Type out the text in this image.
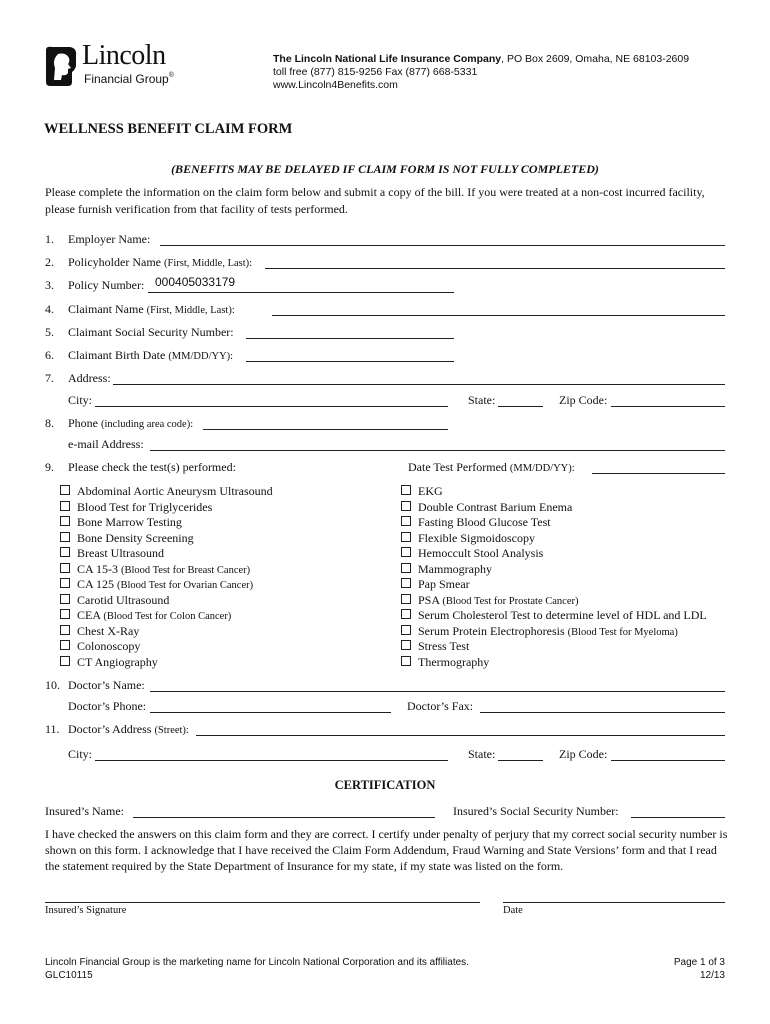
Lincoln
Financial Group®
The Lincoln National Life Insurance Company, PO Box 2609, Omaha, NE 68103-2609
toll free (877) 815-9256 Fax (877) 668-5331
www.Lincoln4Benefits.com
WELLNESS BENEFIT CLAIM FORM
(BENEFITS MAY BE DELAYED IF CLAIM FORM IS NOT FULLY COMPLETED)
Please complete the information on the claim form below and submit a copy of the bill. If you were treated at a non-cost incurred facility, please furnish verification from that facility of tests performed.
1. Employer Name:
2. Policyholder Name (First, Middle, Last):
3. Policy Number: 000405033179
4. Claimant Name (First, Middle, Last):
5. Claimant Social Security Number:
6. Claimant Birth Date (MM/DD/YY):
7. Address:
City:	State:	Zip Code:
8. Phone (including area code):
e-mail Address:
9. Please check the test(s) performed:	Date Test Performed (MM/DD/YY):
Abdominal Aortic Aneurysm Ultrasound
Blood Test for Triglycerides
Bone Marrow Testing
Bone Density Screening
Breast Ultrasound
CA 15-3 (Blood Test for Breast Cancer)
CA 125 (Blood Test for Ovarian Cancer)
Carotid Ultrasound
CEA (Blood Test for Colon Cancer)
Chest X-Ray
Colonoscopy
CT Angiography
EKG
Double Contrast Barium Enema
Fasting Blood Glucose Test
Flexible Sigmoidoscopy
Hemoccult Stool Analysis
Mammography
Pap Smear
PSA (Blood Test for Prostate Cancer)
Serum Cholesterol Test to determine level of HDL and LDL
Serum Protein Electrophoresis (Blood Test for Myeloma)
Stress Test
Thermography
10. Doctor’s Name:
Doctor’s Phone:	Doctor’s Fax:
11. Doctor’s Address (Street):
City:	State:	Zip Code:
CERTIFICATION
Insured’s Name:	Insured’s Social Security Number:
I have checked the answers on this claim form and they are correct. I certify under penalty of perjury that my correct social security number is shown on this form. I acknowledge that I have received the Claim Form Addendum, Fraud Warning and State Versions’ form and that I read the statement required by the State Department of Insurance for my state, if my state was listed on the form.
Insured’s Signature	Date
Lincoln Financial Group is the marketing name for Lincoln National Corporation and its affiliates.
GLC10115
Page 1 of 3
12/13
